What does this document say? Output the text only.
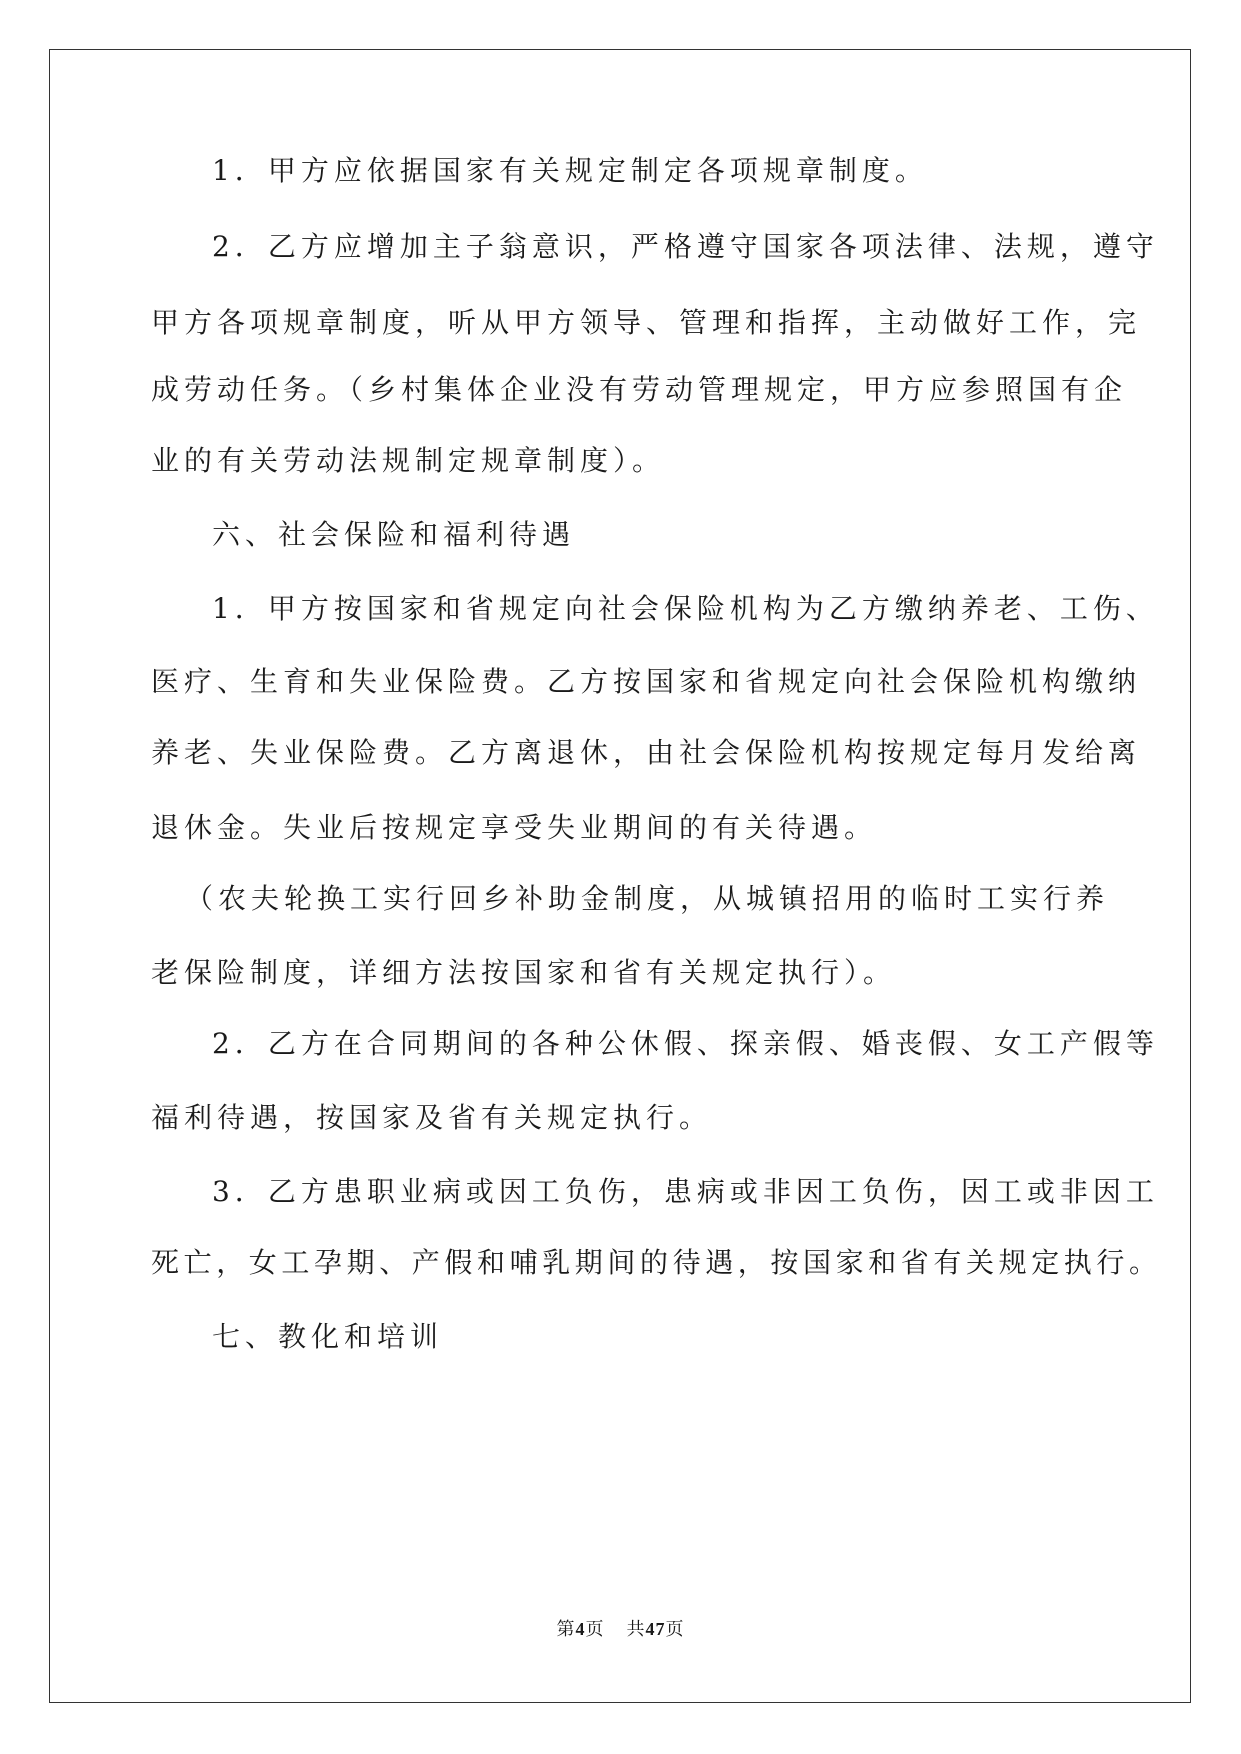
1．甲方应依据国家有关规定制定各项规章制度。
2．乙方应增加主子翁意识，严格遵守国家各项法律、法规，遵守
甲方各项规章制度，听从甲方领导、管理和指挥，主动做好工作，完
成劳动任务。（乡村集体企业没有劳动管理规定，甲方应参照国有企
业的有关劳动法规制定规章制度）。
六、社会保险和福利待遇
1．甲方按国家和省规定向社会保险机构为乙方缴纳养老、工伤、
医疗、生育和失业保险费。乙方按国家和省规定向社会保险机构缴纳
养老、失业保险费。乙方离退休，由社会保险机构按规定每月发给离
退休金。失业后按规定享受失业期间的有关待遇。
（农夫轮换工实行回乡补助金制度，从城镇招用的临时工实行养
老保险制度，详细方法按国家和省有关规定执行）。
2．乙方在合同期间的各种公休假、探亲假、婚丧假、女工产假等
福利待遇，按国家及省有关规定执行。
3．乙方患职业病或因工负伤，患病或非因工负伤，因工或非因工
死亡，女工孕期、产假和哺乳期间的待遇，按国家和省有关规定执行。
七、教化和培训
第4页 共47页
